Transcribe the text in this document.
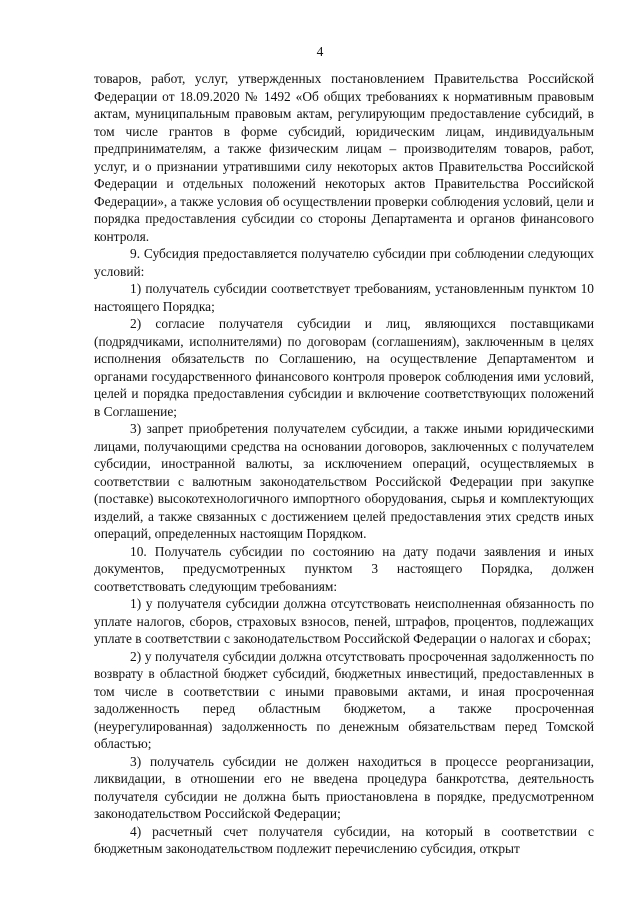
4

товаров, работ, услуг, утвержденных постановлением Правительства Российской Федерации от 18.09.2020 № 1492 «Об общих требованиях к нормативным правовым актам, муниципальным правовым актам, регулирующим предоставление субсидий, в том числе грантов в форме субсидий, юридическим лицам, индивидуальным предпринимателям, а также физическим лицам – производителям товаров, работ, услуг, и о признании утратившими силу некоторых актов Правительства Российской Федерации и отдельных положений некоторых актов Правительства Российской Федерации», а также условия об осуществлении проверки соблюдения условий, цели и порядка предоставления субсидии со стороны Департамента и органов финансового контроля.

9. Субсидия предоставляется получателю субсидии при соблюдении следующих условий:

1) получатель субсидии соответствует требованиям, установленным пунктом 10 настоящего Порядка;

2) согласие получателя субсидии и лиц, являющихся поставщиками (подрядчиками, исполнителями) по договорам (соглашениям), заключенным в целях исполнения обязательств по Соглашению, на осуществление Департаментом и органами государственного финансового контроля проверок соблюдения ими условий, целей и порядка предоставления субсидии и включение соответствующих положений в Соглашение;

3) запрет приобретения получателем субсидии, а также иными юридическими лицами, получающими средства на основании договоров, заключенных с получателем субсидии, иностранной валюты, за исключением операций, осуществляемых в соответствии с валютным законодательством Российской Федерации при закупке (поставке) высокотехнологичного импортного оборудования, сырья и комплектующих изделий, а также связанных с достижением целей предоставления этих средств иных операций, определенных настоящим Порядком.

10. Получатель субсидии по состоянию на дату подачи заявления и иных документов, предусмотренных пунктом 3 настоящего Порядка, должен соответствовать следующим требованиям:

1) у получателя субсидии должна отсутствовать неисполненная обязанность по уплате налогов, сборов, страховых взносов, пеней, штрафов, процентов, подлежащих уплате в соответствии с законодательством Российской Федерации о налогах и сборах;

2) у получателя субсидии должна отсутствовать просроченная задолженность по возврату в областной бюджет субсидий, бюджетных инвестиций, предоставленных в том числе в соответствии с иными правовыми актами, и иная просроченная задолженность перед областным бюджетом, а также просроченная (неурегулированная) задолженность по денежным обязательствам перед Томской областью;

3) получатель субсидии не должен находиться в процессе реорганизации, ликвидации, в отношении его не введена процедура банкротства, деятельность получателя субсидии не должна быть приостановлена в порядке, предусмотренном законодательством Российской Федерации;

4) расчетный счет получателя субсидии, на который в соответствии с бюджетным законодательством подлежит перечислению субсидия, открыт
